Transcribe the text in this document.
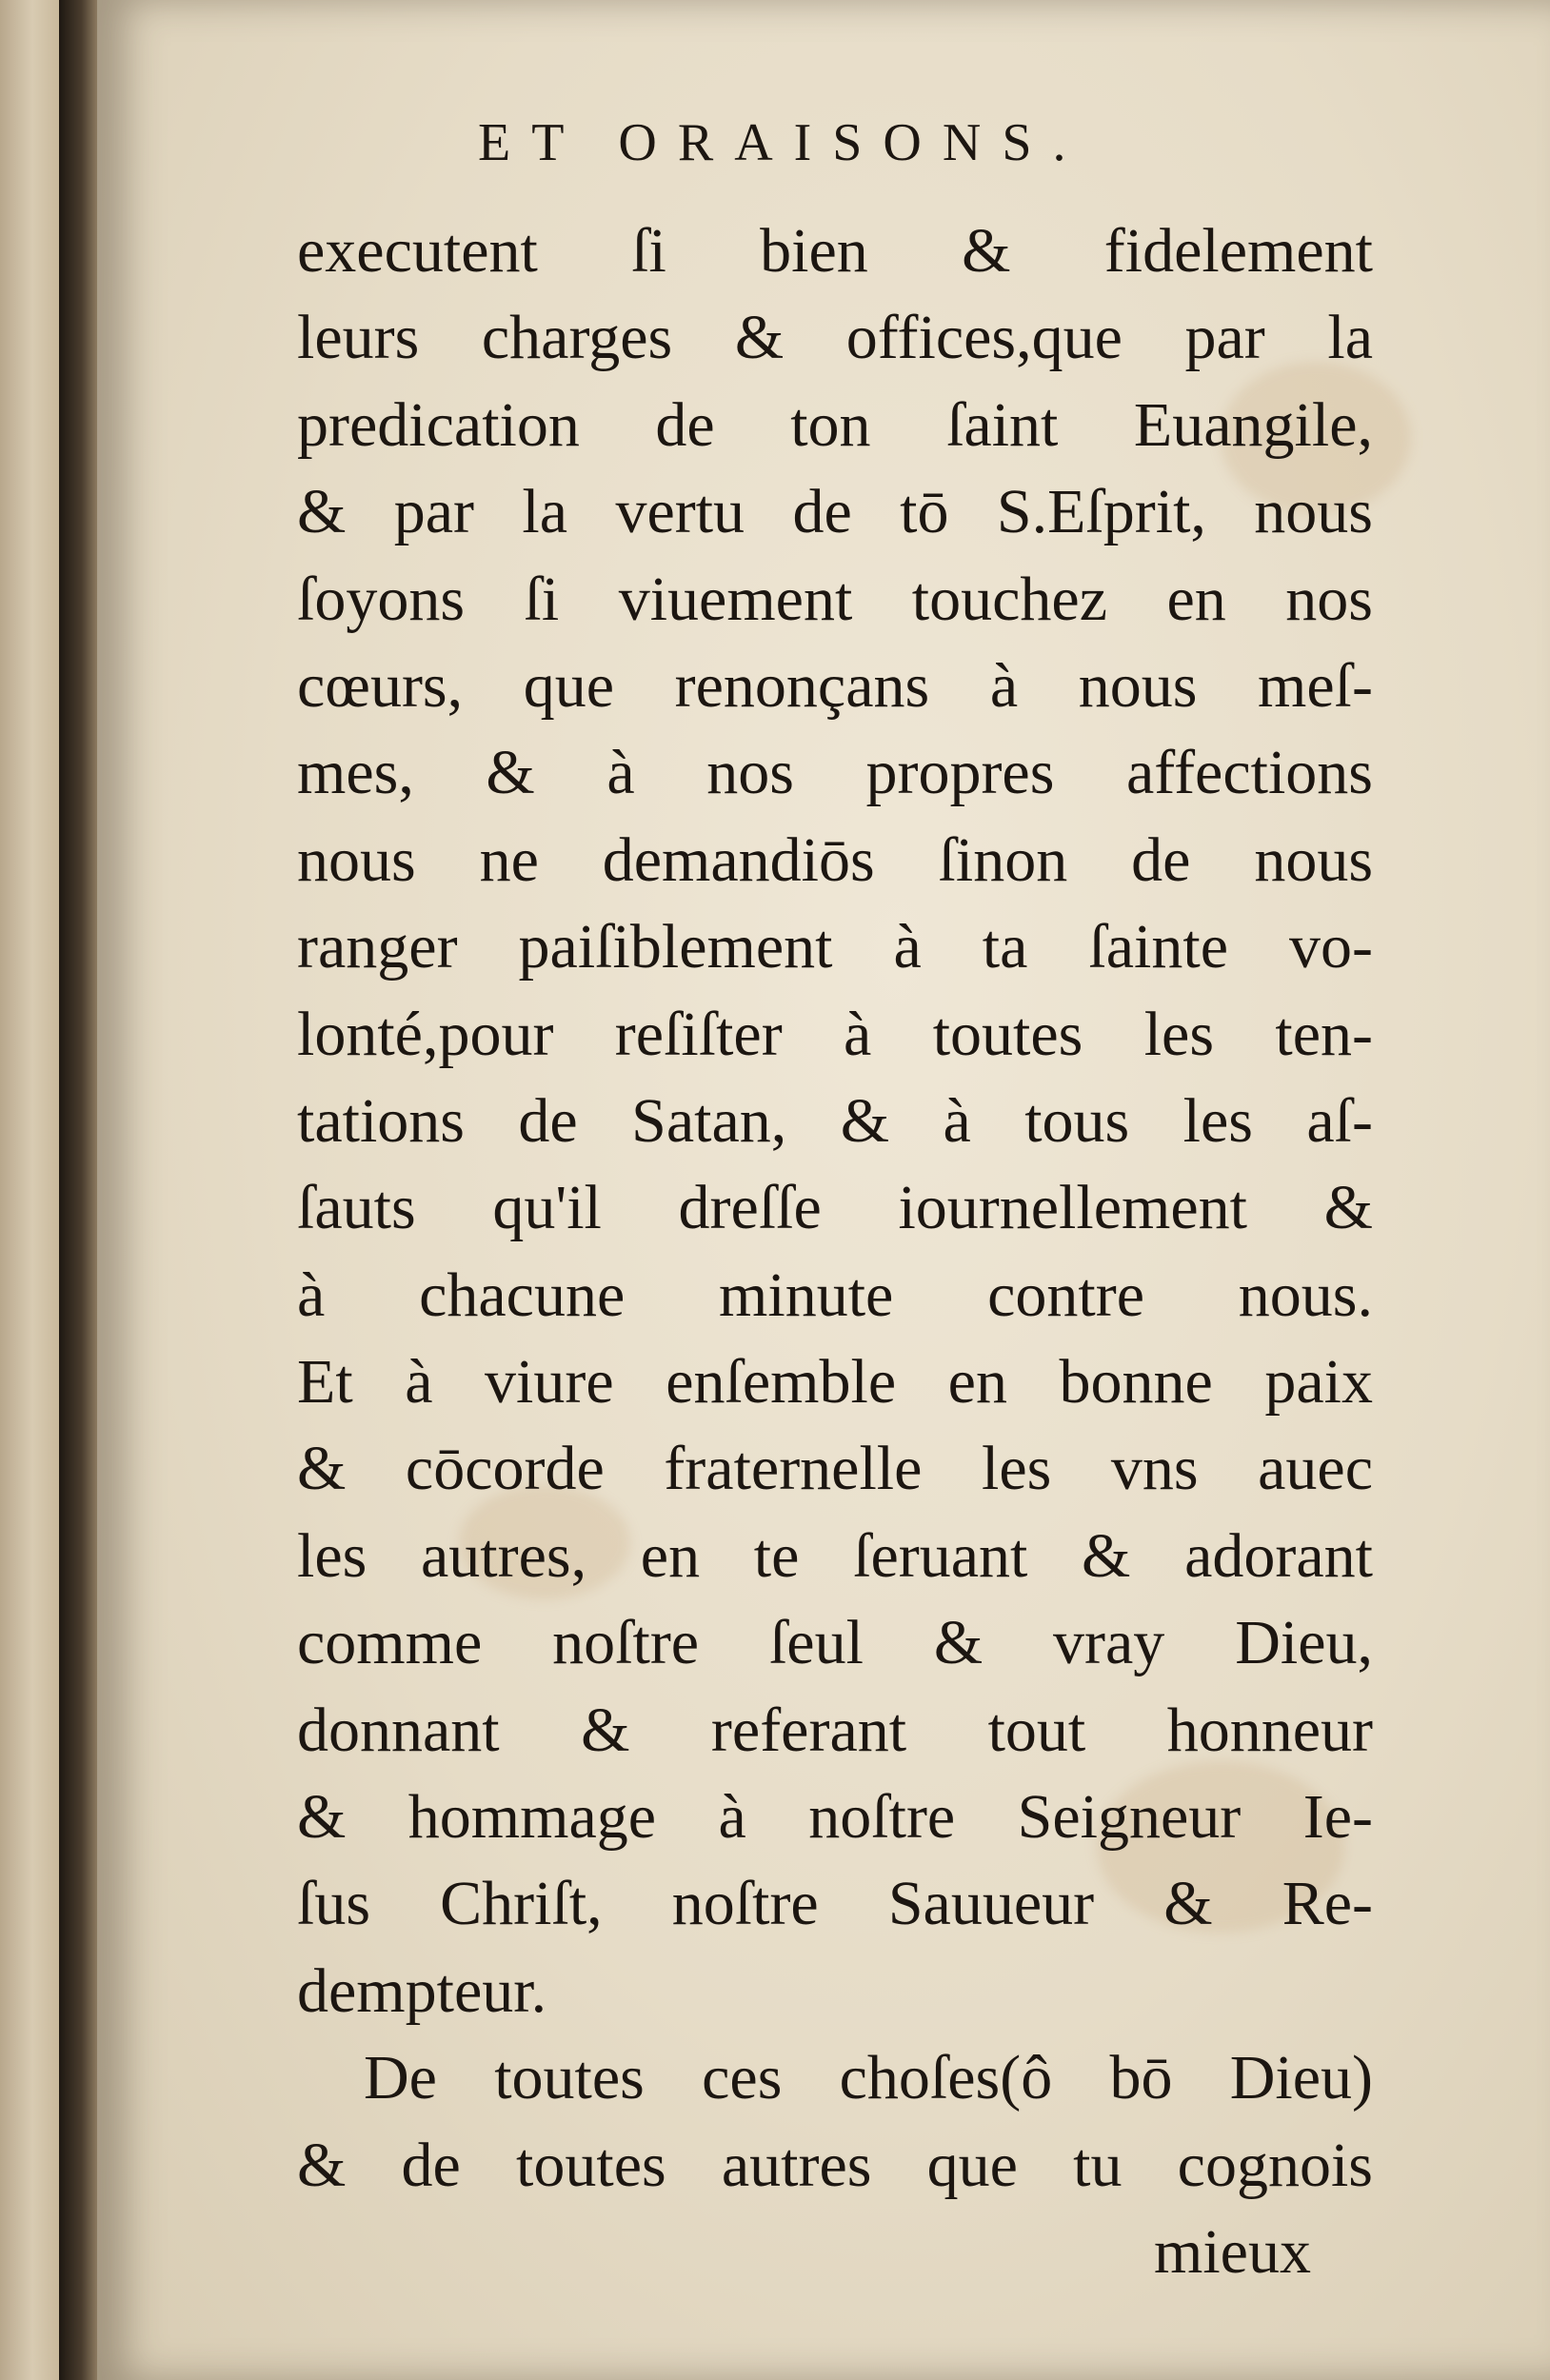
ET ORAISONS.
executent ſi bien & fidelement
leurs charges & offices,que par la
predication de ton ſaint Euangile,
& par la vertu de tō S.Eſprit, nous
ſoyons ſi viuement touchez en nos
cœurs, que renonçans à nous meſ-
mes, & à nos propres affections
nous ne demandiōs ſinon de nous
ranger paiſiblement à ta ſainte vo-
lonté,pour reſiſter à toutes les ten-
tations de Satan, & à tous les aſ-
ſauts qu'il dreſſe iournellement &
à chacune minute contre nous.
Et à viure enſemble en bonne paix
& cōcorde fraternelle les vns auec
les autres, en te ſeruant & adorant
comme noſtre ſeul & vray Dieu,
donnant & referant tout honneur
& hommage à noſtre Seigneur Ie-
ſus Chriſt, noſtre Sauueur & Re-
dempteur.
De toutes ces choſes(ô bō Dieu)
& de toutes autres que tu cognois
mieux
